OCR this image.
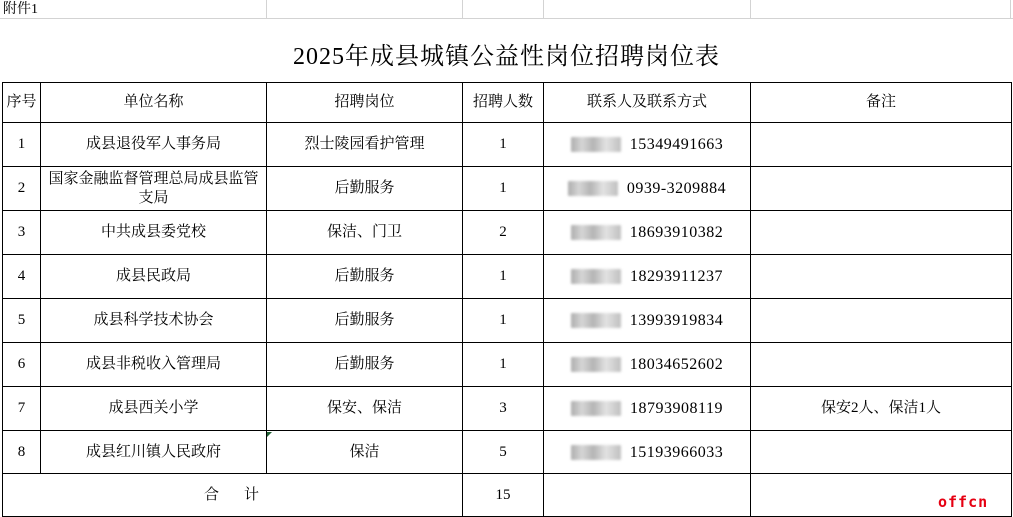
附件1
2025年成县城镇公益性岗位招聘岗位表
序号	单位名称	招聘岗位	招聘人数	联系人及联系方式	备注
1	成县退役军人事务局	烈士陵园看护管理	1	15349491663	

2	国家金融监督管理总局成县监管支局	后勤服务	1	0939-3209884	

3	中共成县委党校	保洁、门卫	2	18693910382	

4	成县民政局	后勤服务	1	18293911237	

5	成县科学技术协会	后勤服务	1	13993919834	

6	成县非税收入管理局	后勤服务	1	18034652602	

7	成县西关小学	保安、保洁	3	18793908119	保安2人、保洁1人
8	成县红川镇人民政府	保洁	5	15193966033	

合    计			15			offcn
